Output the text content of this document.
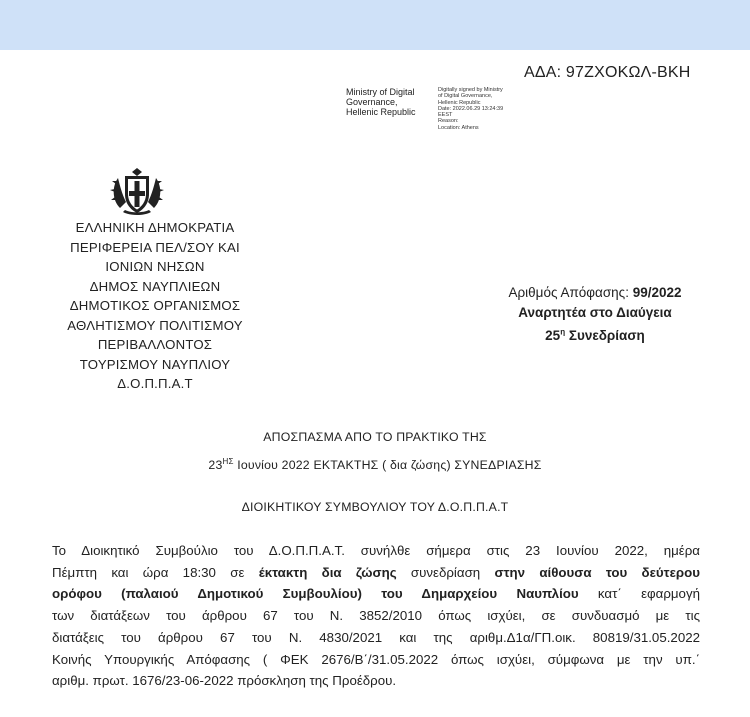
ΑΔΑ: 97ΖΧΟΚΩΛ-ΒΚΗ
Ministry of Digital
Governance,
Hellenic Republic
Digitally signed by Ministry
of Digital Governance,
Hellenic Republic
Date: 2022.06.29 13:24:39
EEST
Reason:
Location: Athens
ΕΛΛΗΝΙΚΗ ΔΗΜΟΚΡΑΤΙΑ
ΠΕΡΙΦΕΡΕΙΑ ΠΕΛ/ΣΟΥ ΚΑΙ
ΙΟΝΙΩΝ ΝΗΣΩΝ
ΔΗΜΟΣ ΝΑΥΠΛΙΕΩΝ
ΔΗΜΟΤΙΚΟΣ ΟΡΓΑΝΙΣΜΟΣ
ΑΘΛΗΤΙΣΜΟΥ ΠΟΛΙΤΙΣΜΟΥ
ΠΕΡΙΒΑΛΛΟΝΤΟΣ
ΤΟΥΡΙΣΜΟΥ ΝΑΥΠΛΙΟΥ
Δ.Ο.Π.Π.Α.Τ
Αριθμός Απόφασης: 99/2022
Αναρτητέα στο Διαύγεια
$25^\eta$ Συνεδρίαση
ΑΠΟΣΠΑΣΜΑ ΑΠΟ ΤΟ ΠΡΑΚΤΙΚΟ ΤΗΣ
$23^{H\Sigma}$ Ιουνίου 2022 ΕΚΤΑΚΤΗΣ ( δια ζώσης) ΣΥΝΕΔΡΙΑΣΗΣ
ΔΙΟΙΚΗΤΙΚΟΥ ΣΥΜΒΟΥΛΙΟΥ ΤΟΥ Δ.Ο.Π.Π.Α.Τ

Το Διοικητικό Συμβούλιο του Δ.Ο.Π.Π.Α.Τ. συνήλθε σήμερα στις 23 Ιουνίου 2022, ημέρα

Πέμπτη και ώρα 18:30 σε έκτακτη δια ζώσης συνεδρίαση στην αίθουσα του δεύτερου

ορόφου (παλαιού Δημοτικού Συμβουλίου) του Δημαρχείου Ναυπλίου κατ΄ εφαρμογή

των διατάξεων του άρθρου 67 του Ν. 3852/2010 όπως ισχύει, σε συνδυασμό με τις

διατάξεις του άρθρου 67 του Ν. 4830/2021 και της αριθμ.Δ1α/ΓΠ.οικ. 80819/31.05.2022

Κοινής Υπουργικής Απόφασης ( ΦΕΚ 2676/Β΄/31.05.2022 όπως ισχύει, σύμφωνα με την υπ.΄

αριθμ. πρωτ. 1676/23-06-2022 πρόσκληση της Προέδρου.
